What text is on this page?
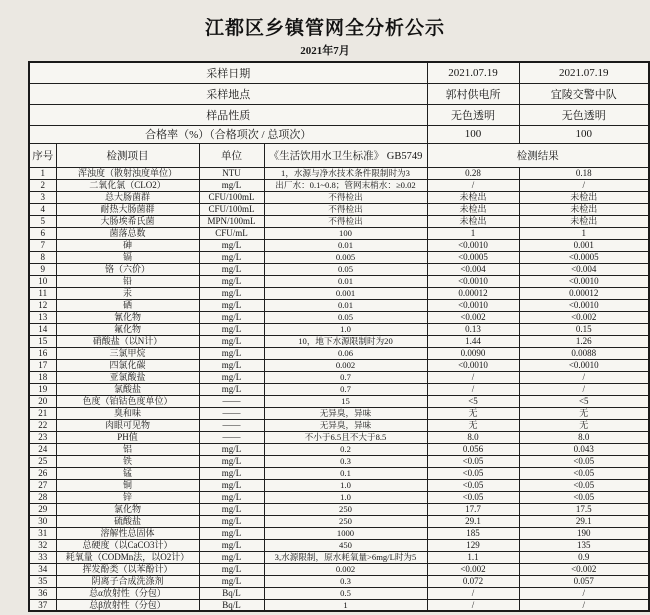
江都区乡镇管网全分析公示
2021年7月
采样日期				2021.07.19	2021.07.19
采样地点				郭村供电所	宜陵交警中队
样品性质				无色透明	无色透明
合格率（%）（合格项次 / 总项次）				100	100
序号	检测项目	单位	《生活饮用水卫生标准》 GB5749	检测结果	
1	浑浊度（散射浊度单位）	NTU	1，水源与净水技术条件限制时为3	0.28	0.18
2	二氧化氯（CLO2）	mg/L	出厂水：0.1~0.8；管网末梢水：≥0.02	/	/
3	总大肠菌群	CFU/100mL	不得检出	未检出	未检出
4	耐热大肠菌群	CFU/100mL	不得检出	未检出	未检出
5	大肠埃希氏菌	MPN/100mL	不得检出	未检出	未检出
6	菌落总数	CFU/mL	100	1	1
7	砷	mg/L	0.01	<0.0010	0.001
8	镉	mg/L	0.005	<0.0005	<0.0005
9	铬（六价）	mg/L	0.05	<0.004	<0.004
10	铅	mg/L	0.01	<0.0010	<0.0010
11	汞	mg/L	0.001	0.00012	0.00012
12	硒	mg/L	0.01	<0.0010	<0.0010
13	氰化物	mg/L	0.05	<0.002	<0.002
14	氟化物	mg/L	1.0	0.13	0.15
15	硝酸盐（以N计）	mg/L	10，地下水源限制时为20	1.44	1.26
16	三氯甲烷	mg/L	0.06	0.0090	0.0088
17	四氯化碳	mg/L	0.002	<0.0010	<0.0010
18	亚氯酸盐	mg/L	0.7	/	/
19	氯酸盐	mg/L	0.7	/	/
20	色度（铂钴色度单位）	——	15	<5	<5
21	臭和味	——	无异臭，异味	无	无
22	肉眼可见物	——	无异臭，异味	无	无
23	PH值	——	不小于6.5且不大于8.5	8.0	8.0
24	铝	mg/L	0.2	0.056	0.043
25	铁	mg/L	0.3	<0.05	<0.05
26	锰	mg/L	0.1	<0.05	<0.05
27	铜	mg/L	1.0	<0.05	<0.05
28	锌	mg/L	1.0	<0.05	<0.05
29	氯化物	mg/L	250	17.7	17.5
30	硫酸盐	mg/L	250	29.1	29.1
31	溶解性总固体	mg/L	1000	185	190
32	总硬度（以CaCO3计）	mg/L	450	129	135
33	耗氧量（CODMn法，以O2计）	mg/L	3,水源限制，原水耗氧量>6mg/L时为5	1.1	0.9
34	挥发酚类（以苯酚计）	mg/L	0.002	<0.002	<0.002
35	阴离子合成洗涤剂	mg/L	0.3	0.072	0.057
36	总α放射性（分包）	Bq/L	0.5	/	/
37	总β放射性（分包）	Bq/L	1	/	/
